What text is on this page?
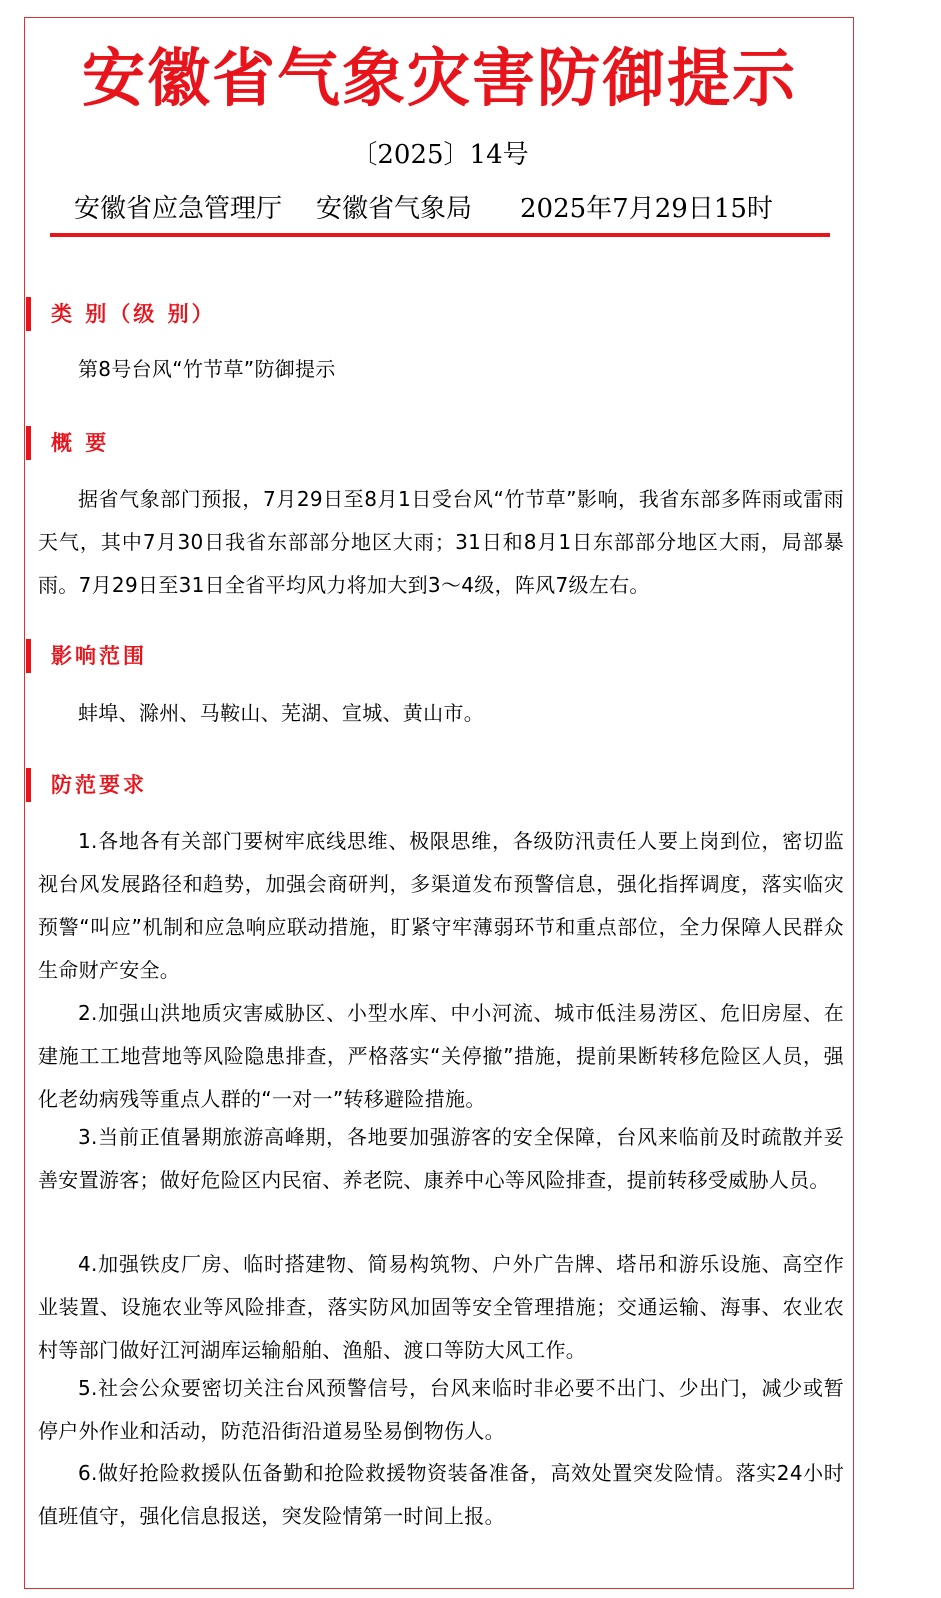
安徽省气象灾害防御提示
〔2025〕14号
安徽省应急管理厅 安徽省气象局 2025年7月29日15时
类 别（级 别）
第8号台风“竹节草”防御提示
概 要
据省气象部门预报，7月29日至8月1日受台风“竹节草”影响，我省东部多阵雨或雷雨天气，其中7月30日我省东部部分地区大雨；31日和8月1日东部部分地区大雨，局部暴雨。7月29日至31日全省平均风力将加大到3～4级，阵风7级左右。
影响范围
蚌埠、滁州、马鞍山、芜湖、宣城、黄山市。
防范要求
1.各地各有关部门要树牢底线思维、极限思维，各级防汛责任人要上岗到位，密切监视台风发展路径和趋势，加强会商研判，多渠道发布预警信息，强化指挥调度，落实临灾预警“叫应”机制和应急响应联动措施，盯紧守牢薄弱环节和重点部位，全力保障人民群众生命财产安全。
2.加强山洪地质灾害威胁区、小型水库、中小河流、城市低洼易涝区、危旧房屋、在建施工工地营地等风险隐患排查，严格落实“关停撤”措施，提前果断转移危险区人员，强化老幼病残等重点人群的“一对一”转移避险措施。
3.当前正值暑期旅游高峰期，各地要加强游客的安全保障，台风来临前及时疏散并妥善安置游客；做好危险区内民宿、养老院、康养中心等风险排查，提前转移受威胁人员。
4.加强铁皮厂房、临时搭建物、简易构筑物、户外广告牌、塔吊和游乐设施、高空作业装置、设施农业等风险排查，落实防风加固等安全管理措施；交通运输、海事、农业农村等部门做好江河湖库运输船舶、渔船、渡口等防大风工作。
5.社会公众要密切关注台风预警信号，台风来临时非必要不出门、少出门，减少或暂停户外作业和活动，防范沿街沿道易坠易倒物伤人。
6.做好抢险救援队伍备勤和抢险救援物资装备准备，高效处置突发险情。落实24小时值班值守，强化信息报送，突发险情第一时间上报。
